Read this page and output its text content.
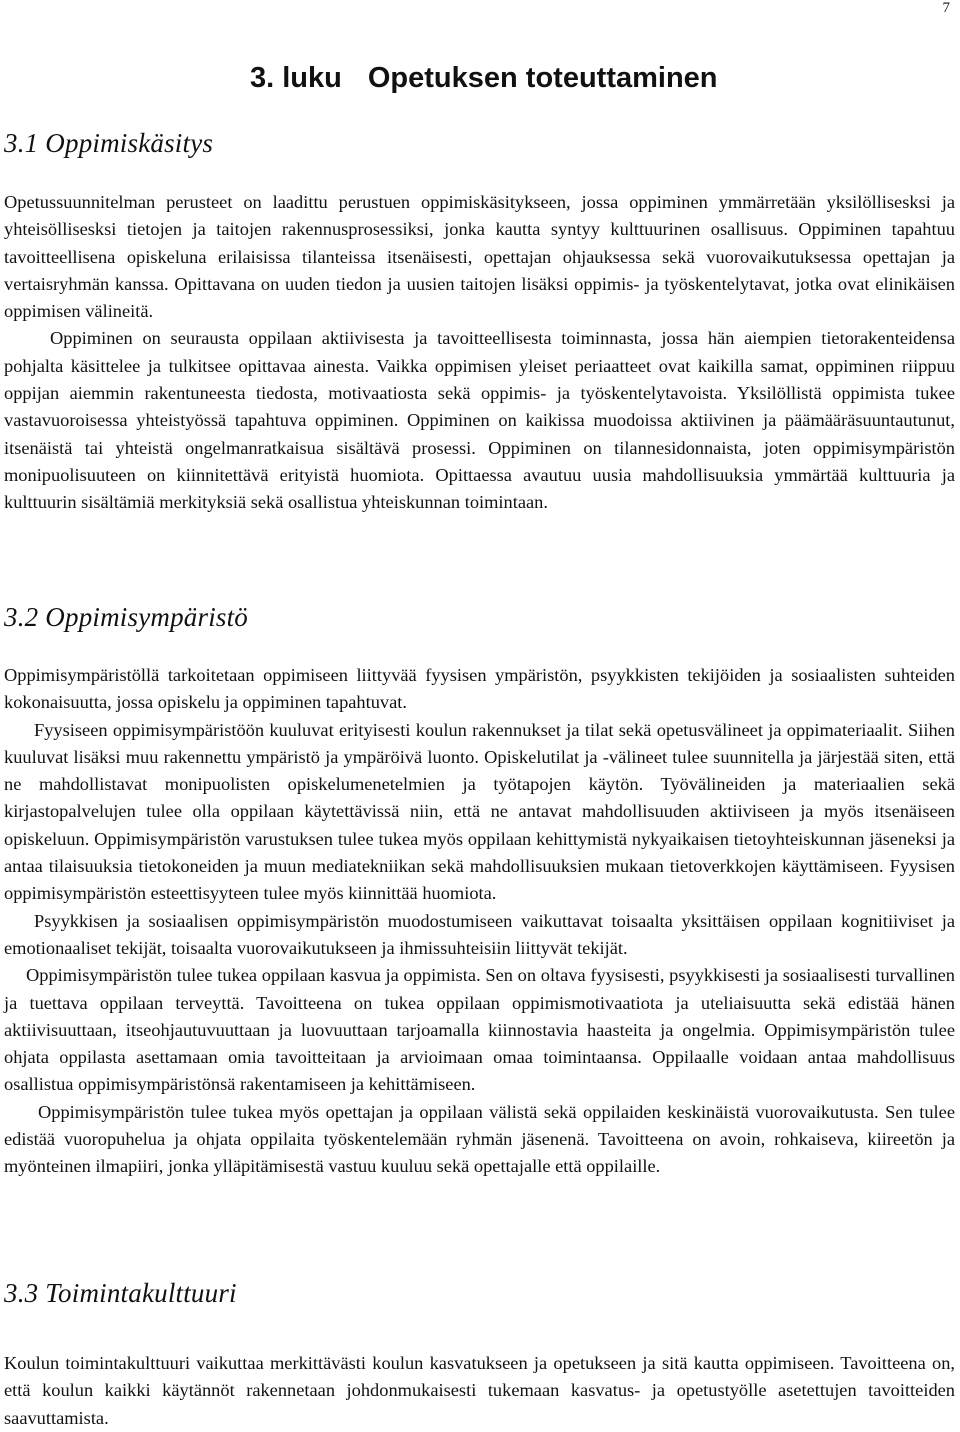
7
3. luku Opetuksen toteuttaminen
3.1 Oppimiskäsitys

Opetussuunnitelman perusteet on laadittu perustuen oppimiskäsitykseen, jossa oppiminen ymmärretään yksilöllisesksi ja yhteisöllisesksi tietojen ja taitojen rakennusprosessiksi, jonka kautta syntyy kulttuurinen osallisuus. Oppiminen tapahtuu tavoitteellisena opiskeluna erilaisissa tilanteissa itsenäisesti, opettajan ohjauksessa sekä vuorovaikutuksessa opettajan ja vertaisryhmän kanssa. Opittavana on uuden tiedon ja uusien taitojen lisäksi oppimis- ja työskentelytavat, jotka ovat elinikäisen oppimisen välineitä.

Oppiminen on seurausta oppilaan aktiivisesta ja tavoitteellisesta toiminnasta, jossa hän aiempien tietorakenteidensa pohjalta käsittelee ja tulkitsee opittavaa ainesta. Vaikka oppimisen yleiset periaatteet ovat kaikilla samat, oppiminen riippuu oppijan aiemmin rakentuneesta tiedosta, motivaatiosta sekä oppimis- ja työskentelytavoista. Yksilöllistä oppimista tukee vastavuoroisessa yhteistyössä tapahtuva oppiminen. Oppiminen on kaikissa muodoissa aktiivinen ja päämääräsuuntautunut, itsenäistä tai yhteistä ongelmanratkaisua sisältävä prosessi. Oppiminen on tilannesidonnaista, joten oppimisympäristön monipuolisuuteen on kiinnitettävä erityistä huomiota. Opittaessa avautuu uusia mahdollisuuksia ymmärtää kulttuuria ja kulttuurin sisältämiä merkityksiä sekä osallistua yhteiskunnan toimintaan.

3.2 Oppimisympäristö

Oppimisympäristöllä tarkoitetaan oppimiseen liittyvää fyysisen ympäristön, psyykkisten tekijöiden ja sosiaalisten suhteiden kokonaisuutta, jossa opiskelu ja oppiminen tapahtuvat.

Fyysiseen oppimisympäristöön kuuluvat erityisesti koulun rakennukset ja tilat sekä opetusvälineet ja oppimateriaalit. Siihen kuuluvat lisäksi muu rakennettu ympäristö ja ympäröivä luonto. Opiskelutilat ja -välineet tulee suunnitella ja järjestää siten, että ne mahdollistavat monipuolisten opiskelumenetelmien ja työtapojen käytön. Työvälineiden ja materiaalien sekä kirjastopalvelujen tulee olla oppilaan käytettävissä niin, että ne antavat mahdollisuuden aktiiviseen ja myös itsenäiseen opiskeluun. Oppimisympäristön varustuksen tulee tukea myös oppilaan kehittymistä nykyaikaisen tietoyhteiskunnan jäseneksi ja antaa tilaisuuksia tietokoneiden ja muun mediatekniikan sekä mahdollisuuksien mukaan tietoverkkojen käyttämiseen. Fyysisen oppimisympäristön esteettisyyteen tulee myös kiinnittää huomiota.

Psyykkisen ja sosiaalisen oppimisympäristön muodostumiseen vaikuttavat toisaalta yksittäisen oppilaan kognitiiviset ja emotionaaliset tekijät, toisaalta vuorovaikutukseen ja ihmissuhteisiin liittyvät tekijät.

Oppimisympäristön tulee tukea oppilaan kasvua ja oppimista. Sen on oltava fyysisesti, psyykkisesti ja sosiaalisesti turvallinen ja tuettava oppilaan terveyttä. Tavoitteena on tukea oppilaan oppimismotivaatiota ja uteliaisuutta sekä edistää hänen aktiivisuuttaan, itseohjautuvuuttaan ja luovuuttaan tarjoamalla kiinnostavia haasteita ja ongelmia. Oppimisympäristön tulee ohjata oppilasta asettamaan omia tavoitteitaan ja arvioimaan omaa toimintaansa. Oppilaalle voidaan antaa mahdollisuus osallistua oppimisympäristönsä rakentamiseen ja kehittämiseen.

Oppimisympäristön tulee tukea myös opettajan ja oppilaan välistä sekä oppilaiden keskinäistä vuorovaikutusta. Sen tulee edistää vuoropuhelua ja ohjata oppilaita työskentelemään ryhmän jäsenenä. Tavoitteena on avoin, rohkaiseva, kiireetön ja myönteinen ilmapiiri, jonka ylläpitämisestä vastuu kuuluu sekä opettajalle että oppilaille.

3.3 Toimintakulttuuri

Koulun toimintakulttuuri vaikuttaa merkittävästi koulun kasvatukseen ja opetukseen ja sitä kautta oppimiseen. Tavoitteena on, että koulun kaikki käytännöt rakennetaan johdonmukaisesti tukemaan kasvatus- ja opetustyölle asetettujen tavoitteiden saavuttamista.
